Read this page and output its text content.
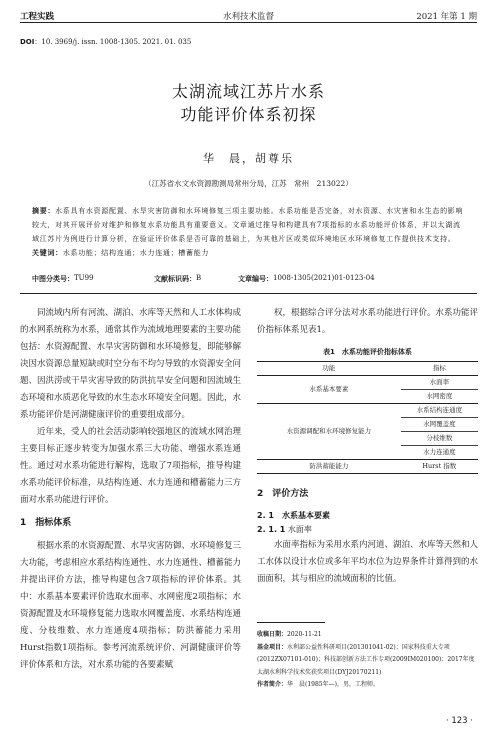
工程实践	水利技术监督	2021 年第 1 期
DOI：10. 3969/j. issn. 1008-1305. 2021. 01. 035
太湖流域江苏片水系
功能评价体系初探
华　晨，胡尊乐
（江苏省水文水资源勘测局常州分局，江苏　常州　213022）
摘要：水系具有水资源配置、水旱灾害防御和水环境修复三项主要功能。水系功能是否完备，对水资源、水灾害和水生态的影响较大，对其开展评价对维护和修复水系功能具有重要意义。文章通过推导和构建具有7项指标的水系功能评价体系，并以太湖流域江苏片为例进行计算分析，在验证评价体系是否可靠的基础上，为其他片区或类似环境地区水环境修复工作提供技术支持。
关键词：水系功能；结构连通；水力连通；槽蓄能力
中图分类号： TU99	文献标识码： B	文章编号： 1008-1305(2021)01-0123-04

同流域内所有河流、湖泊、水库等天然和人工水体构成的水网系统称为水系，通常其作为流域地理要素的主要功能包括：水资源配置、水旱灾害防御和水环境修复，即能够解决因水资源总量短缺或时空分布不均匀导致的水资源安全问题、因洪涝或干旱灾害导致的防洪抗旱安全问题和因流域生态环境和水质恶化导致的水生态水环境安全问题。因此，水系功能评价是河湖健康评价的重要组成部分。

近年来，受人的社会活动影响较强地区的流域水网治理主要目标正逐步转变为加强水系三大功能、增强水系连通性。通过对水系功能进行解构，选取了7项指标，推导构建水系功能评价标准，从结构连通、水力连通和槽蓄能力三方面对水系功能进行评价。

1　指标体系

根据水系的水资源配置、水旱灾害防御、水环境修复三大功能，考虑相应水系结构连通性、水力连通性、槽蓄能力并提出评价方法，推导构建包含7项指标的评价体系。其中：水系基本要素评价选取水面率、水网密度2项指标；水资源配置及水环境修复能力选取水网覆盖度、水系结构连通度、分枝维数、水力连通度4项指标；防洪蓄能力采用Hurst指数1项指标。参考河流系统评价、河湖健康评价等评价体系和方法，对水系功能的各要素赋

权，根据综合评分法对水系功能进行评价。水系功能评价指标体系见表1。

表1　水系功能评价指标体系
功能	指标
水系基本要素	水面率
	水网密度
水资源调配和水环境修复能力	水系结构连通度
	水网覆盖度
	分枝维数
	水力连通度
防洪蓄能能力	Hurst 指数

2　评价方法

2. 1　水系基本要素

2. 1. 1 水面率

水面率指标为采用水系内河道、湖泊、水库等天然和人工水体以设计水位或多年平均水位为边界条件计算得到的水面面积，其与相应的流域面积的比值。

收稿日期：2020-11-21
基金项目：水利部公益性科研项目(201301041-02)；国家科技重大专项(2012ZX07101-010)；科技部创新方法工作专项(2009IM020100)；2017年度太湖水利科学技术奖获奖项目(DYJ20170211)
作者简介：华　晨(1985年—)，男，工程师。
· 123 ·
